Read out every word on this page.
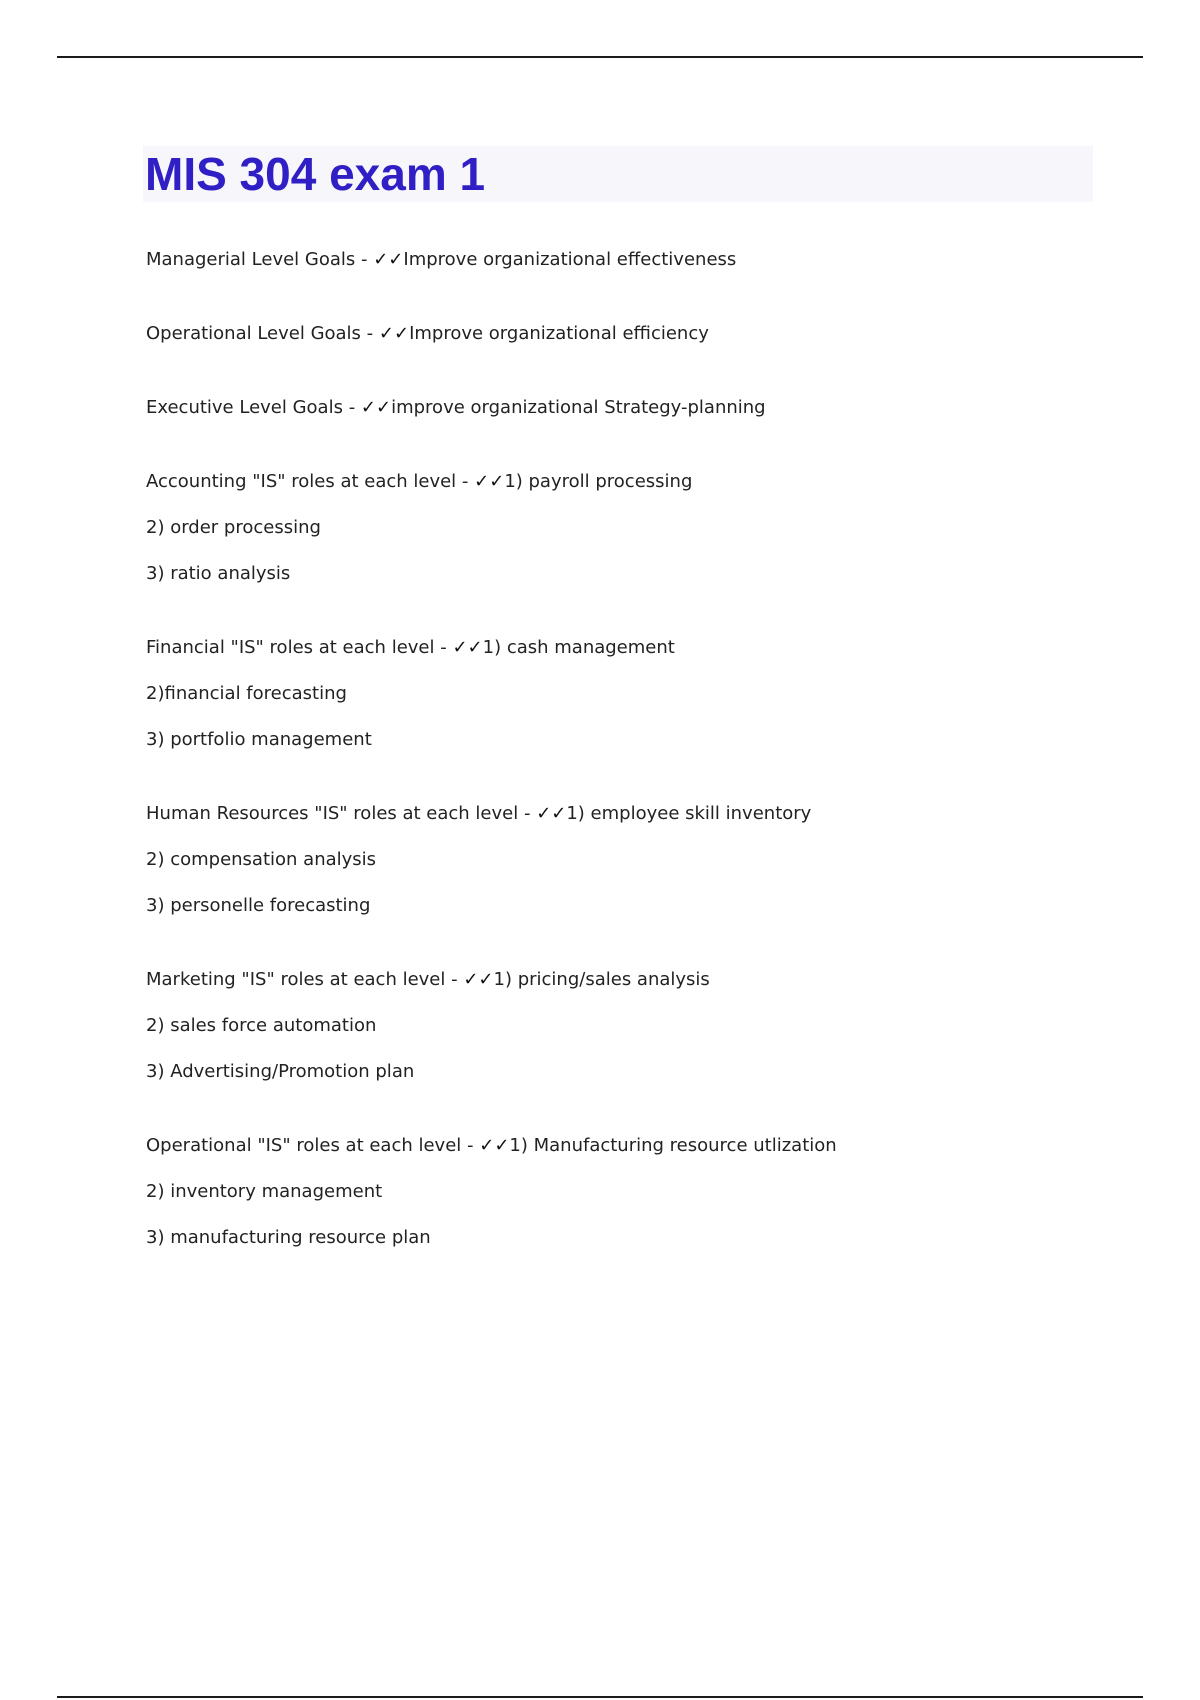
MIS 304 exam 1

Managerial Level Goals - ✓✓Improve organizational effectiveness

Operational Level Goals - ✓✓Improve organizational efficiency

Executive Level Goals - ✓✓improve organizational Strategy-planning

Accounting "IS" roles at each level - ✓✓1) payroll processing

2) order processing

3) ratio analysis

Financial "IS" roles at each level - ✓✓1) cash management

2)financial forecasting

3) portfolio management

Human Resources "IS" roles at each level - ✓✓1) employee skill inventory

2) compensation analysis

3) personelle forecasting

Marketing "IS" roles at each level - ✓✓1) pricing/sales analysis

2) sales force automation

3) Advertising/Promotion plan

Operational "IS" roles at each level - ✓✓1) Manufacturing resource utlization

2) inventory management

3) manufacturing resource plan
